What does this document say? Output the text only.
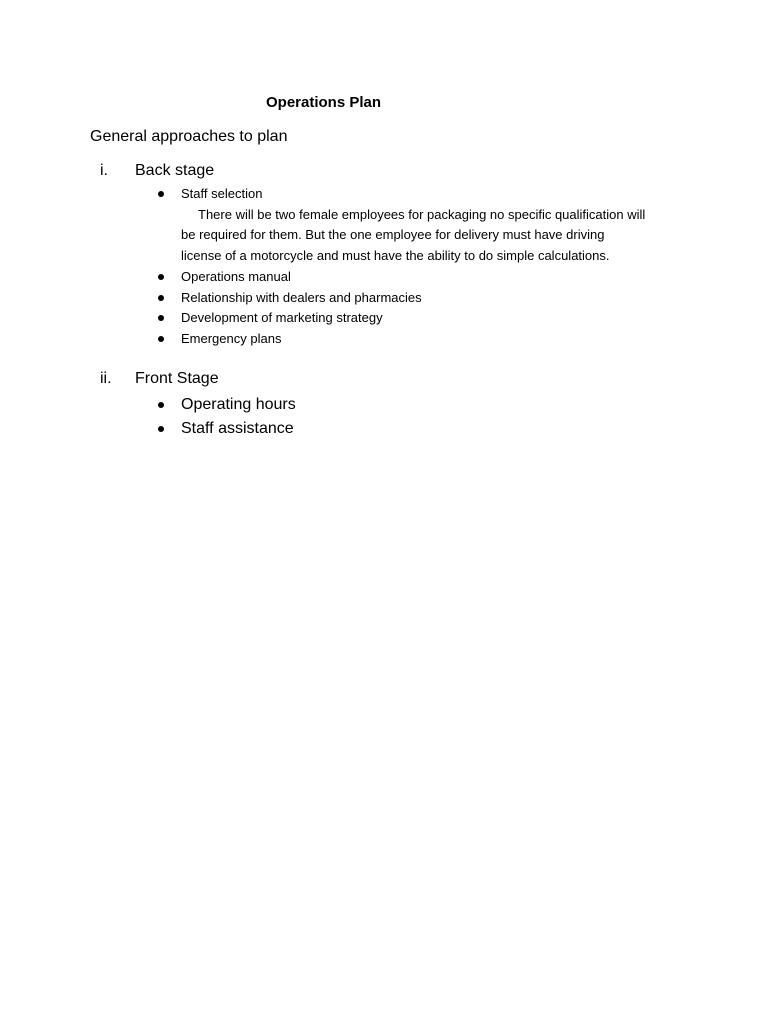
Operations Plan
General approaches to plan
i. Back stage
Staff selection
There will be two female employees for packaging no specific qualification will
be required for them. But the one employee for delivery must have driving
license of a motorcycle and must have the ability to do simple calculations.
Operations manual
Relationship with dealers and pharmacies
Development of marketing strategy
Emergency plans
ii. Front Stage
Operating hours
Staff assistance
